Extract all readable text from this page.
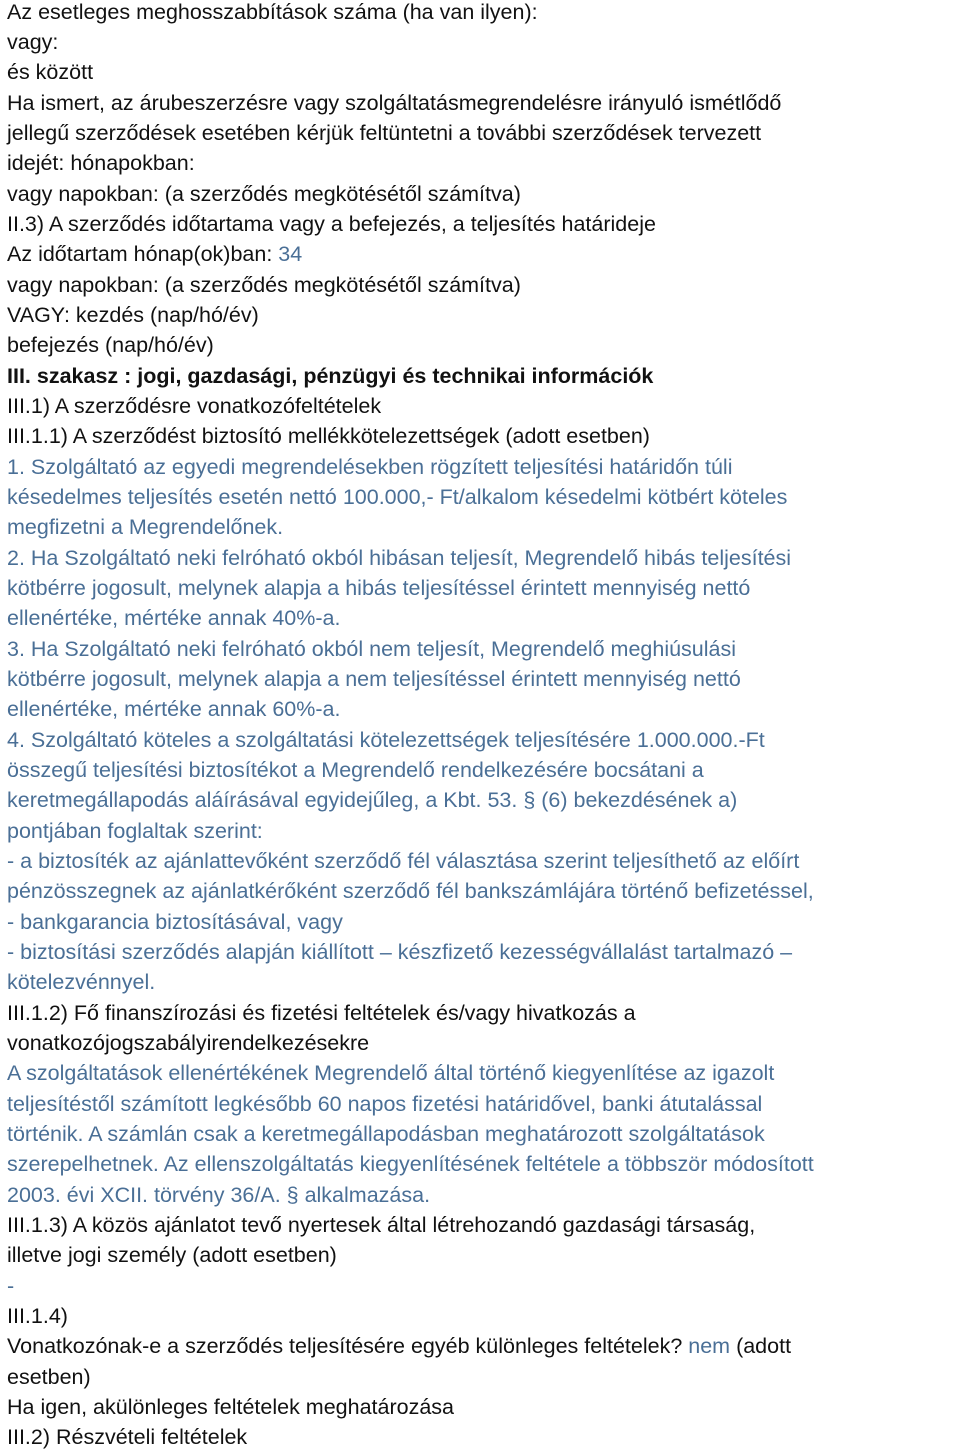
Az esetleges meghosszabbítások száma (ha van ilyen):
vagy:
és között
Ha ismert, az árubeszerzésre vagy szolgáltatásmegrendelésre irányuló ismétlődő
jellegű szerződések esetében kérjük feltüntetni a további szerződések tervezett
idejét: hónapokban:
vagy napokban: (a szerződés megkötésétől számítva)
II.3) A szerződés időtartama vagy a befejezés, a teljesítés határideje
Az időtartam hónap(ok)ban: 34
vagy napokban: (a szerződés megkötésétől számítva)
VAGY: kezdés (nap/hó/év)
befejezés (nap/hó/év)
III. szakasz : jogi, gazdasági, pénzügyi és technikai információk
III.1) A szerződésre vonatkozófeltételek
III.1.1) A szerződést biztosító mellékkötelezettségek (adott esetben)
1. Szolgáltató az egyedi megrendelésekben rögzített teljesítési határidőn túli
késedelmes teljesítés esetén nettó 100.000,- Ft/alkalom késedelmi kötbért köteles
megfizetni a Megrendelőnek.
2. Ha Szolgáltató neki felróható okból hibásan teljesít, Megrendelő hibás teljesítési
kötbérre jogosult, melynek alapja a hibás teljesítéssel érintett mennyiség nettó
ellenértéke, mértéke annak 40%-a.
3. Ha Szolgáltató neki felróható okból nem teljesít, Megrendelő meghiúsulási
kötbérre jogosult, melynek alapja a nem teljesítéssel érintett mennyiség nettó
ellenértéke, mértéke annak 60%-a.
4. Szolgáltató köteles a szolgáltatási kötelezettségek teljesítésére 1.000.000.-Ft
összegű teljesítési biztosítékot a Megrendelő rendelkezésére bocsátani a
keretmegállapodás aláírásával egyidejűleg, a Kbt. 53. § (6) bekezdésének a)
pontjában foglaltak szerint:
- a biztosíték az ajánlattevőként szerződő fél választása szerint teljesíthető az előírt
pénzösszegnek az ajánlatkérőként szerződő fél bankszámlájára történő befizetéssel,
- bankgarancia biztosításával, vagy
- biztosítási szerződés alapján kiállított – készfizető kezességvállalást tartalmazó –
kötelezvénnyel.
III.1.2) Fő finanszírozási és fizetési feltételek és/vagy hivatkozás a
vonatkozójogszabályirendelkezésekre
A szolgáltatások ellenértékének Megrendelő által történő kiegyenlítése az igazolt
teljesítéstől számított legkésőbb 60 napos fizetési határidővel, banki átutalással
történik. A számlán csak a keretmegállapodásban meghatározott szolgáltatások
szerepelhetnek. Az ellenszolgáltatás kiegyenlítésének feltétele a többször módosított
2003. évi XCII. törvény 36/A. § alkalmazása.
III.1.3) A közös ajánlatot tevő nyertesek által létrehozandó gazdasági társaság,
illetve jogi személy (adott esetben)
-
III.1.4)
Vonatkozónak-e a szerződés teljesítésére egyéb különleges feltételek? nem (adott
esetben)
Ha igen, akülönleges feltételek meghatározása
III.2) Részvételi feltételek
